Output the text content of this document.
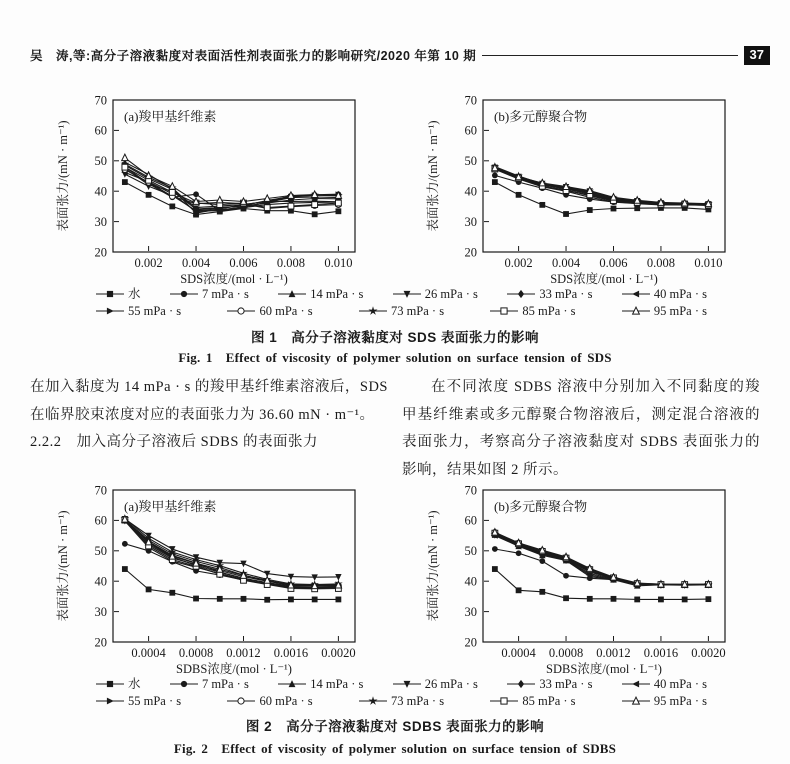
吴　涛,等:高分子溶液黏度对表面活性剂表面张力的影响研究/2020 年第 10 期	37
20
30
40
50
60
70
0.002 0.004 0.006 0.008 0.010
(a)羧甲基纤维素
SDS浓度/(mol · L⁻¹)
表面张力/(mN · m⁻¹)
20
30
40
50
60
70
0.002 0.004 0.006 0.008 0.010
(b)多元醇聚合物
SDS浓度/(mol · L⁻¹)
表面张力/(mN · m⁻¹)
水	7 mPa · s	14 mPa · s	26 mPa · s	33 mPa · s	40 mPa · s
55 mPa · s	60 mPa · s	73 mPa · s	85 mPa · s	95 mPa · s
图 1　高分子溶液黏度对 SDS 表面张力的影响
Fig. 1　Effect of viscosity of polymer solution on surface tension of SDS

在加入黏度为 14 mPa · s 的羧甲基纤维素溶液后，SDS 在临界胶束浓度对应的表面张力为 36.60 mN · m⁻¹。

2.2.2　加入高分子溶液后 SDBS 的表面张力

在不同浓度 SDBS 溶液中分别加入不同黏度的羧甲基纤维素或多元醇聚合物溶液后，测定混合溶液的表面张力，考察高分子溶液黏度对 SDBS 表面张力的影响，结果如图 2 所示。

20
30
40
50
60
70
0.0004 0.0008 0.0012 0.0016 0.0020
(a)羧甲基纤维素
SDBS浓度/(mol · L⁻¹)
表面张力/(mN · m⁻¹)
20
30
40
50
60
70
0.0004 0.0008 0.0012 0.0016 0.0020
(b)多元醇聚合物
SDBS浓度/(mol · L⁻¹)
表面张力/(mN · m⁻¹)
水	7 mPa · s	14 mPa · s	26 mPa · s	33 mPa · s	40 mPa · s
55 mPa · s	60 mPa · s	73 mPa · s	85 mPa · s	95 mPa · s
图 2　高分子溶液黏度对 SDBS 表面张力的影响
Fig. 2　Effect of viscosity of polymer solution on surface tension of SDBS
